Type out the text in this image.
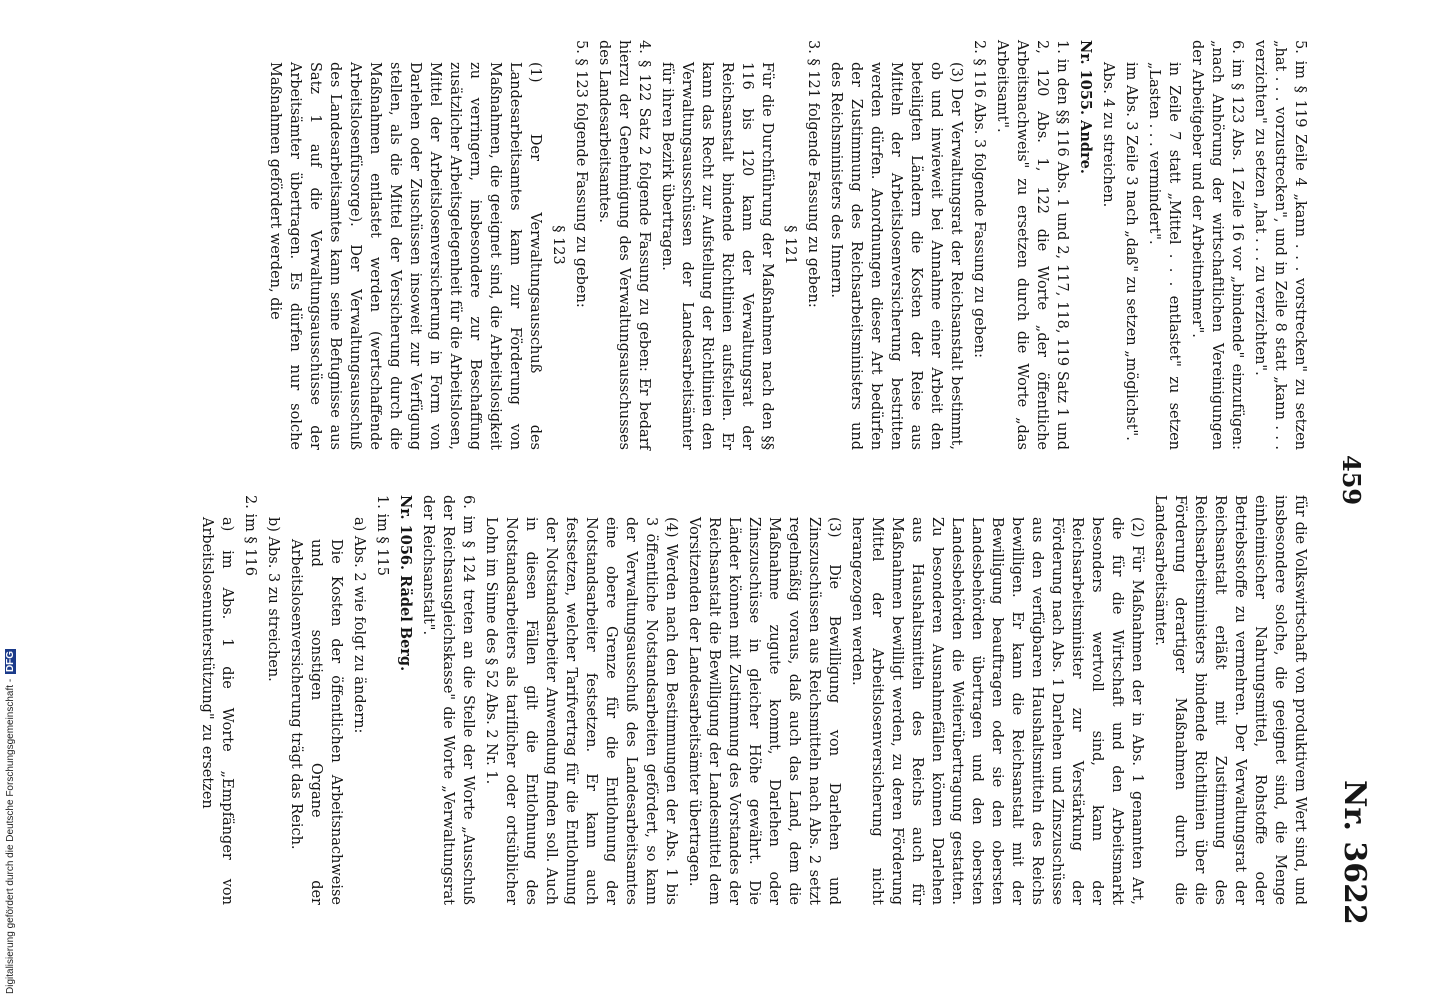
459
Nr. 3622

5. im § 119 Zeile 4 „kann . . . vorstrecken" zu setzen „hat . . . vorzustrecken", und in Zeile 8 statt „kann . . . verzichten" zu setzen „hat . . . zu verzichten".

6. im § 123 Abs. 1 Zeile 16 vor „bindende" einzufügen: „nach Anhörung der wirtschaftlichen Vereinigungen der Arbeitgeber und der Arbeitnehmer".

in Zeile 7 statt „Mittel . . . entlastet" zu setzen „Lasten . . . vermindert".

im Abs. 3 Zeile 3 nach „daß" zu setzen „möglichst".

Abs. 4 zu streichen.

Nr. 1055. Andre.

1. in den §§ 116 Abs. 1 und 2, 117, 118, 119 Satz 1 und 2, 120 Abs. 1, 122 die Worte „der öffentliche Arbeitsnachweis" zu ersetzen durch die Worte „das Arbeitsamt".

2. § 116 Abs. 3 folgende Fassung zu geben:

(3) Der Verwaltungsrat der Reichsanstalt bestimmt, ob und inwieweit bei Annahme einer Arbeit den beteiligten Ländern die Kosten der Reise aus Mitteln der Arbeitslosenversicherung bestritten werden dürfen. Anordnungen dieser Art bedürfen der Zustimmung des Reichsarbeitsministers und des Reichsministers des Innern.

3. § 121 folgende Fassung zu geben:

§ 121

Für die Durchführung der Maßnahmen nach den §§ 116 bis 120 kann der Verwaltungsrat der Reichsanstalt bindende Richtlinien aufstellen. Er kann das Recht zur Aufstellung der Richtlinien den Verwaltungsausschüssen der Landesarbeitsämter für ihren Bezirk übertragen.

4. § 122 Satz 2 folgende Fassung zu geben: Er bedarf hierzu der Genehmigung des Verwaltungsausschusses des Landesarbeitsamtes.

5. § 123 folgende Fassung zu geben:

§ 123

(1) Der Verwaltungsausschuß des Landesarbeitsamtes kann zur Förderung von Maßnahmen, die geeignet sind, die Arbeitslosigkeit zu verringern, insbesondere zur Beschaffung zusätzlicher Arbeitsgelegenheit für die Arbeitslosen, Mittel der Arbeitslosenversicherung in Form von Darlehen oder Zuschüssen insoweit zur Verfügung stellen, als die Mittel der Versicherung durch die Maßnahmen entlastet werden (wertschaffende Arbeitslosenfürsorge). Der Verwaltungsausschuß des Landesarbeitsamtes kann seine Befugnisse aus Satz 1 auf die Verwaltungsausschüsse der Arbeitsämter übertragen. Es dürfen nur solche Maßnahmen gefördert werden, die

für die Volkswirtschaft von produktivem Wert sind, und insbesondere solche, die geeignet sind, die Menge einheimischer Nahrungsmittel, Rohstoffe oder Betriebsstoffe zu vermehren. Der Verwaltungsrat der Reichsanstalt erläßt mit Zustimmung des Reichsarbeitsministers bindende Richtlinien über die Förderung derartiger Maßnahmen durch die Landesarbeitsämter.

(2) Für Maßnahmen der in Abs. 1 genannten Art, die für die Wirtschaft und den Arbeitsmarkt besonders wertvoll sind, kann der Reichsarbeitsminister zur Verstärkung der Förderung nach Abs. 1 Darlehen und Zinszuschüsse aus den verfügbaren Haushaltsmitteln des Reichs bewilligen. Er kann die Reichsanstalt mit der Bewilligung beauftragen oder sie den obersten Landesbehörden übertragen und den obersten Landesbehörden die Weiterübertragung gestatten. Zu besonderen Ausnahmefällen können Darlehen aus Haushaltsmitteln des Reichs auch für Maßnahmen bewilligt werden, zu deren Förderung Mittel der Arbeitslosenversicherung nicht herangezogen werden.

(3) Die Bewilligung von Darlehen und Zinszuschüssen aus Reichsmitteln nach Abs. 2 setzt regelmäßig voraus, daß auch das Land, dem die Maßnahme zugute kommt, Darlehen oder Zinszuschüsse in gleicher Höhe gewährt. Die Länder können mit Zustimmung des Vorstandes der Reichsanstalt die Bewilligung der Landesmittel dem Vorsitzenden der Landesarbeitsämter übertragen.

(4) Werden nach den Bestimmungen der Abs. 1 bis 3 öffentliche Notstandsarbeiten gefördert, so kann der Verwaltungsausschuß des Landesarbeitsamtes eine obere Grenze für die Entlohnung der Notstandsarbeiter festsetzen. Er kann auch festsetzen, welcher Tarifvertrag für die Entlohnung der Notstandsarbeiter Anwendung finden soll. Auch in diesen Fällen gilt die Entlohnung des Notstandsarbeiters als tariflicher oder ortsüblicher Lohn im Sinne des § 52 Abs. 2 Nr. 1.

6. im § 124 treten an die Stelle der Worte „Ausschuß der Reichsausgleichskasse" die Worte „Verwaltungsrat der Reichsanstalt".

Nr. 1056. Rädel Berg.

1. im § 115

a) Abs. 2 wie folgt zu ändern:

Die Kosten der öffentlichen Arbeitsnachweise und sonstigen Organe der Arbeitslosenversicherung trägt das Reich.

b) Abs. 3 zu streichen.

2. im § 116

a) im Abs. 1 die Worte „Empfänger von Arbeitslosenunterstützung" zu ersetzen

Digitalisierung gefördert durch die Deutsche Forschungsgemeinschaft - DFG
